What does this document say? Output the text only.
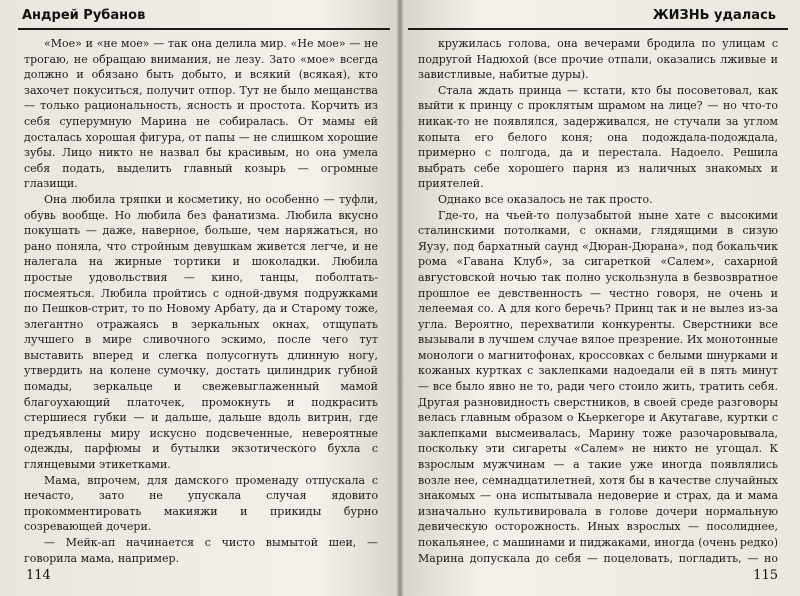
Андрей Рубанов

«Мое» и «не мое» — так она делила мир. «Не мое» — не трогаю, не обращаю внимания, не лезу. Зато «мое» всегда должно и обязано быть добыто, и всякий (всякая), кто захочет покуситься, получит отпор. Тут не было мещанства — только рациональность, ясность и простота. Корчить из себя суперумную Марина не собиралась. От мамы ей досталась хорошая фигура, от папы — не слишком хорошие зубы. Лицо никто не назвал бы красивым, но она умела себя подать, выделить главный козырь — огромные глазищи.

Она любила тряпки и косметику, но особенно — туфли, обувь вообще. Но любила без фанатизма. Любила вкусно покушать — даже, наверное, больше, чем наряжаться, но рано поняла, что стройным девушкам живется легче, и не налегала на жирные тортики и шоколадки. Любила простые удовольствия — кино, танцы, поболтать-посмеяться. Любила пройтись с одной-двумя подружками по Пешков-стрит, то по Новому Арбату, да и Старому тоже, элегантно отражаясь в зеркальных окнах, отщупать лучшего в мире сливочного эскимо, после чего тут выставить вперед и слегка полусогнуть длинную ногу, утвердить на колене сумочку, достать цилиндрик губной помады, зеркальце и свежевыглаженный мамой благоухающий платочек, промокнуть и подкрасить стершиеся губки — и дальше, дальше вдоль витрин, где предъявлены миру искусно подсвеченные, невероятные одежды, парфюмы и бутылки экзотического бухла с глянцевыми этикетками.

Мама, впрочем, для дамского променаду отпускала с нечасто, зато не упускала случая ядовито прокомментировать макияжи и прикиды бурно созревающей дочери.

— Мейк-ап начинается с чисто вымытой шеи, — говорила мама, например.

114
ЖИЗНЬ удалась

кружилась голова, она вечерами бродила по улицам с подругой Надюхой (все прочие отпали, оказались лживые и завистливые, набитые дуры).

Стала ждать принца — кстати, кто бы посоветовал, как выйти к принцу с проклятым шрамом на лице? — но что-то никак-то не появлялся, задерживался, не стучали за углом копыта его белого коня; она подождала-подождала, примерно с полгода, да и перестала. Надоело. Решила выбрать себе хорошего парня из наличных знакомых и приятелей.

Однако все оказалось не так просто.

Где-то, на чьей-то полузабытой ныне хате с высокими сталинскими потолками, с окнами, глядящими в сизую Яузу, под бархатный саунд «Дюран-Дюрана», под бокальчик рома «Гавана Клуб», за сигареткой «Салем», сахарной августовской ночью так полно ускользнула в безвозвратное прошлое ее девственность — честно говоря, не очень и лелеемая со. А для кого беречь? Принц так и не вылез из-за угла. Вероятно, перехватили конкуренты. Сверстники все вызывали в лучшем случае вялое презрение. Их монотонные монологи о магнитофонах, кроссовках с белыми шнурками и кожаных куртках с заклепками надоедали ей в пять минут — все было явно не то, ради чего стоило жить, тратить себя. Другая разновидность сверстников, в своей среде разговоры велась главным образом о Кьеркегоре и Акутагаве, куртки с заклепками высмеивалась, Марину тоже разочаровывала, поскольку эти сигареты «Салем» не никто не угощал. К взрослым мужчинам — а такие уже иногда появлялись возле нее, семнадцатилетней, хотя бы в качестве случайных знакомых — она испытывала недоверие и страх, да и мама изначально культивировала в голове дочери нормальную девическую осторожность. Иных взрослых — посолиднее, покальянее, с машинами и пиджаками, иногда (очень редко) Марина допускала до себя — поцеловать, погладить, — но

115
